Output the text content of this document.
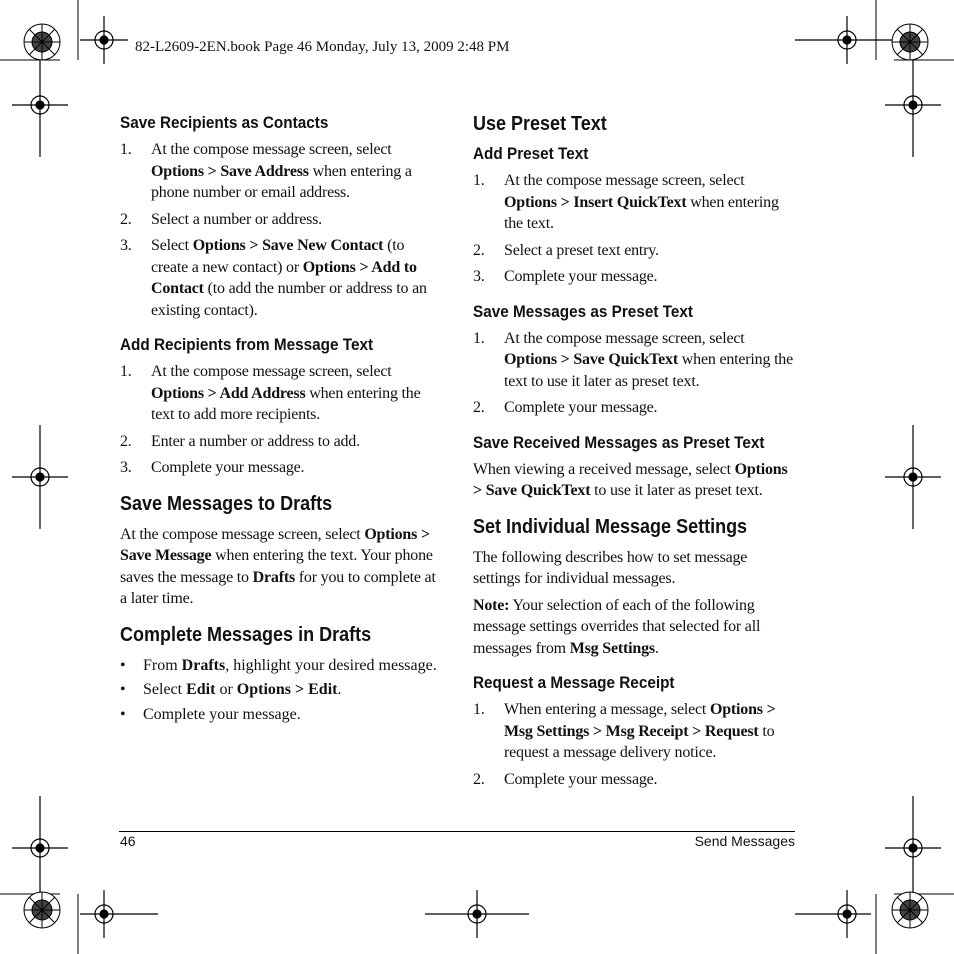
82-L2609-2EN.book Page 46 Monday, July 13, 2009 2:48 PM
Save Recipients as Contacts
1.	At the compose message screen, select Options > Save Address when entering a phone number or email address.
2.	Select a number or address.
3.	Select Options > Save New Contact (to create a new contact) or Options > Add to Contact (to add the number or address to an existing contact).
Add Recipients from Message Text
1.	At the compose message screen, select Options > Add Address when entering the text to add more recipients.
2.	Enter a number or address to add.
3.	Complete your message.
Save Messages to Drafts

At the compose message screen, select Options > Save Message when entering the text. Your phone saves the message to Drafts for you to complete at a later time.

Complete Messages in Drafts
•	From Drafts, highlight your desired message.
•	Select Edit or Options > Edit.
•	Complete your message.
Use Preset Text
Add Preset Text
1.	At the compose message screen, select Options > Insert QuickText when entering the text.
2.	Select a preset text entry.
3.	Complete your message.
Save Messages as Preset Text
1.	At the compose message screen, select Options > Save QuickText when entering the text to use it later as preset text.
2.	Complete your message.
Save Received Messages as Preset Text

When viewing a received message, select Options > Save QuickText to use it later as preset text.

Set Individual Message Settings

The following describes how to set message settings for individual messages.

Note: Your selection of each of the following message settings overrides that selected for all messages from Msg Settings.

Request a Message Receipt
1.	When entering a message, select Options > Msg Settings > Msg Receipt > Request to request a message delivery notice.
2.	Complete your message.
46	Send Messages
